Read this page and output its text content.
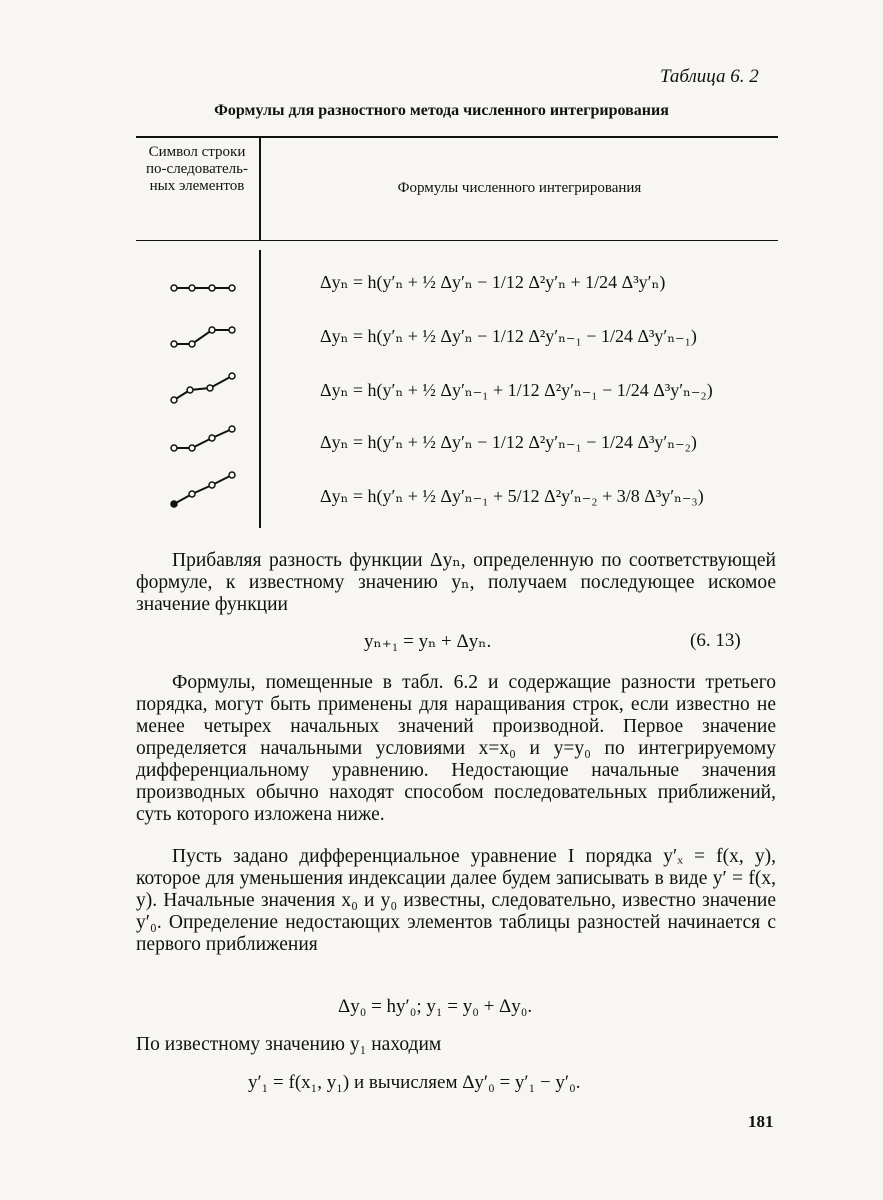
Таблица 6. 2
Формулы для разностного метода численного интегрирования
Символ строки по-следователь-ных элементов	Формулы численного интегрирования
Δyₙ = h(y′ₙ + ½ Δy′ₙ − 1/12 Δ²y′ₙ + 1/24 Δ³y′ₙ)
Δyₙ = h(y′ₙ + ½ Δy′ₙ − 1/12 Δ²y′ₙ₋₁ − 1/24 Δ³y′ₙ₋₁)
Δyₙ = h(y′ₙ + ½ Δy′ₙ₋₁ + 1/12 Δ²y′ₙ₋₁ − 1/24 Δ³y′ₙ₋₂)
Δyₙ = h(y′ₙ + ½ Δy′ₙ − 1/12 Δ²y′ₙ₋₁ − 1/24 Δ³y′ₙ₋₂)
Δyₙ = h(y′ₙ + ½ Δy′ₙ₋₁ + 5/12 Δ²y′ₙ₋₂ + 3/8 Δ³y′ₙ₋₃)
Прибавляя разность функции Δyₙ, определенную по соответствующей формуле, к известному значению yₙ, получаем последующее искомое значение функции
yₙ₊₁ = yₙ + Δyₙ.	(6. 13)
Формулы, помещенные в табл. 6.2 и содержащие разности третьего порядка, могут быть применены для наращивания строк, если известно не менее четырех начальных значений производной. Первое значение определяется начальными условиями x=x₀ и y=y₀ по интегрируемому дифференциальному уравнению. Недостающие начальные значения производных обычно находят способом последовательных приближений, суть которого изложена ниже.
Пусть задано дифференциальное уравнение I порядка y′ₓ = f(x, y), которое для уменьшения индексации далее будем записывать в виде y′ = f(x, y). Начальные значения x₀ и y₀ известны, следовательно, известно значение y′₀. Определение недостающих элементов таблицы разностей начинается с первого приближения
Δy₀ = hy′₀; y₁ = y₀ + Δy₀.
По известному значению y₁ находим
y′₁ = f(x₁, y₁) и вычисляем Δy′₀ = y′₁ − y′₀.
181
